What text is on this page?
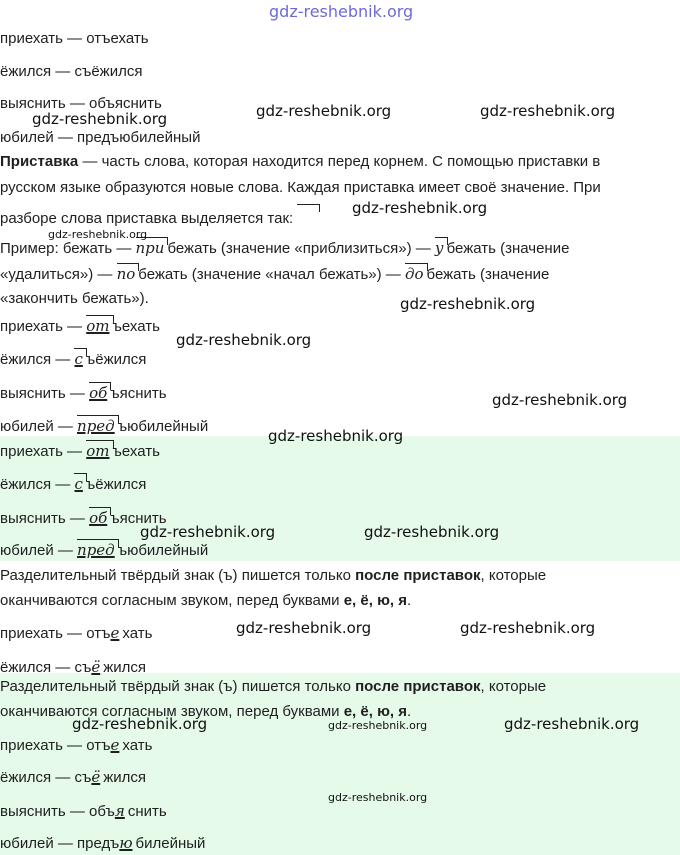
gdz-reshebnik.org
приехать — отъехать
ёжился — съёжился
выяснить — объяснить
юбилей — предъюбилейный
Приставка — часть слова, которая находится перед корнем. С помощью приставки в
русском языке образуются новые слова. Каждая приставка имеет своё значение. При
разборе слова приставка выделяется так:
Пример: бежать — при бежать (значение «приблизиться») — у бежать (значение
«удалиться») — по бежать (значение «начал бежать») — до бежать (значение
«закончить бежать»).
приехать — от ъехать
ёжился — с ъёжился
выяснить — об ъяснить
юбилей — пред ъюбилейный
приехать — от ъехать
ёжился — с ъёжился
выяснить — об ъяснить
юбилей — пред ъюбилейный
Разделительный твёрдый знак (ъ) пишется только после приставок, которые
оканчиваются согласным звуком, перед буквами е, ё, ю, я.
приехать — отъе хать
ёжился — съё жился
Разделительный твёрдый знак (ъ) пишется только после приставок, которые
оканчиваются согласным звуком, перед буквами е, ё, ю, я.
приехать — отъе хать
ёжился — съё жился
выяснить — объя снить
юбилей — предъю билейный
gdz-reshebnik.org	gdz-reshebnik.org	gdz-reshebnik.org
gdz-reshebnik.org
gdz-reshebnik.org
gdz-reshebnik.org
gdz-reshebnik.org
gdz-reshebnik.org
gdz-reshebnik.org
gdz-reshebnik.org	gdz-reshebnik.org
gdz-reshebnik.org	gdz-reshebnik.org
gdz-reshebnik.org	gdz-reshebnik.org	gdz-reshebnik.org
gdz-reshebnik.org
